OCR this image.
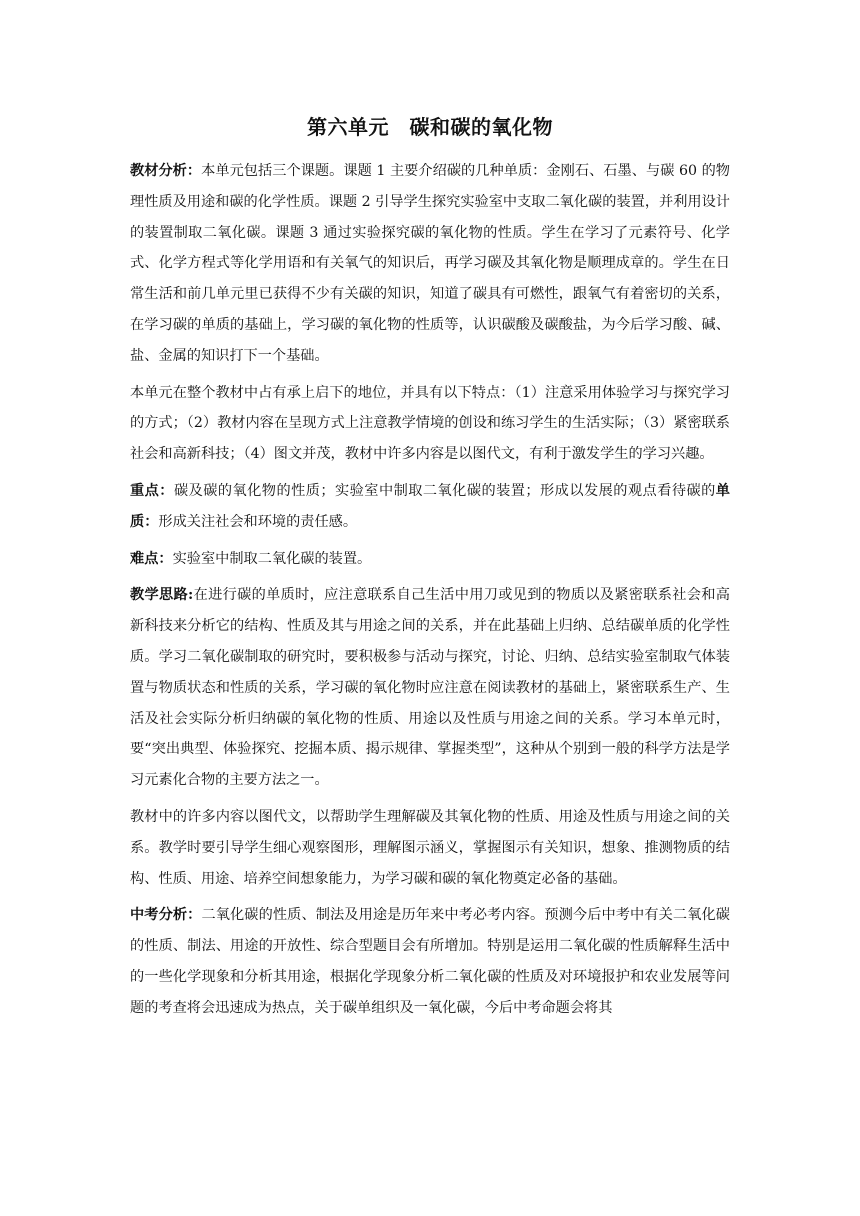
第六单元　碳和碳的氧化物

教材分析：本单元包括三个课题。课题 1 主要介绍碳的几种单质：金刚石、石墨、与碳 60 的物理性质及用途和碳的化学性质。课题 2 引导学生探究实验室中支取二氧化碳的装置，并利用设计的装置制取二氧化碳。课题 3 通过实验探究碳的氧化物的性质。学生在学习了元素符号、化学式、化学方程式等化学用语和有关氧气的知识后，再学习碳及其氧化物是顺理成章的。学生在日常生活和前几单元里已获得不少有关碳的知识，知道了碳具有可燃性，跟氧气有着密切的关系，在学习碳的单质的基础上，学习碳的氧化物的性质等，认识碳酸及碳酸盐，为今后学习酸、碱、盐、金属的知识打下一个基础。

本单元在整个教材中占有承上启下的地位，并具有以下特点：（1）注意采用体验学习与探究学习的方式；（2）教材内容在呈现方式上注意教学情境的创设和练习学生的生活实际；（3）紧密联系社会和高新科技；（4）图文并茂，教材中许多内容是以图代文，有利于激发学生的学习兴趣。

重点：碳及碳的氧化物的性质；实验室中制取二氧化碳的装置；形成以发展的观点看待碳的单质：形成关注社会和环境的责任感。

难点：实验室中制取二氧化碳的装置。

教学思路:在进行碳的单质时，应注意联系自己生活中用刀或见到的物质以及紧密联系社会和高新科技来分析它的结构、性质及其与用途之间的关系，并在此基础上归纳、总结碳单质的化学性质。学习二氧化碳制取的研究时，要积极参与活动与探究，讨论、归纳、总结实验室制取气体装置与物质状态和性质的关系，学习碳的氧化物时应注意在阅读教材的基础上，紧密联系生产、生活及社会实际分析归纳碳的氧化物的性质、用途以及性质与用途之间的关系。学习本单元时，要“突出典型、体验探究、挖掘本质、揭示规律、掌握类型”，这种从个别到一般的科学方法是学习元素化合物的主要方法之一。

教材中的许多内容以图代文，以帮助学生理解碳及其氧化物的性质、用途及性质与用途之间的关系。教学时要引导学生细心观察图形，理解图示涵义，掌握图示有关知识，想象、推测物质的结构、性质、用途、培养空间想象能力，为学习碳和碳的氧化物奠定必备的基础。

中考分析：二氧化碳的性质、制法及用途是历年来中考必考内容。预测今后中考中有关二氧化碳的性质、制法、用途的开放性、综合型题目会有所增加。特别是运用二氧化碳的性质解释生活中的一些化学现象和分析其用途，根据化学现象分析二氧化碳的性质及对环境报护和农业发展等问题的考查将会迅速成为热点，关于碳单组织及一氧化碳，今后中考命题会将其
